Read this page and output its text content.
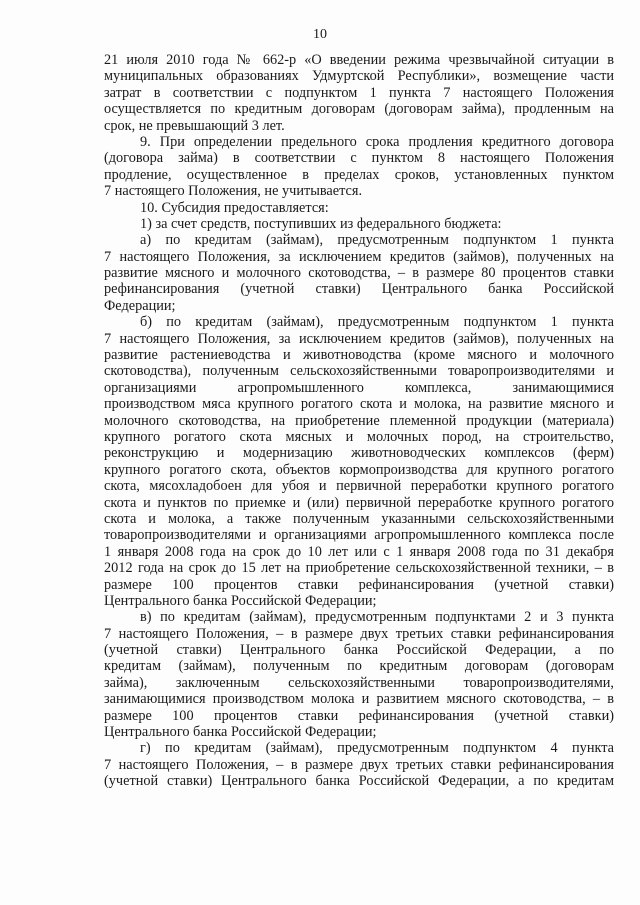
10
21 июля 2010 года № 662-р «О введении режима чрезвычайной ситуации в
муниципальных образованиях Удмуртской Республики», возмещение части
затрат в соответствии с подпунктом 1 пункта 7 настоящего Положения
осуществляется по кредитным договорам (договорам займа), продленным на
срок, не превышающий 3 лет.
9. При определении предельного срока продления кредитного договора
(договора займа) в соответствии с пунктом 8 настоящего Положения
продление, осуществленное в пределах сроков, установленных пунктом
7 настоящего Положения, не учитывается.
10. Субсидия предоставляется:
1) за счет средств, поступивших из федерального бюджета:
а) по кредитам (займам), предусмотренным подпунктом 1 пункта
7 настоящего Положения, за исключением кредитов (займов), полученных на
развитие мясного и молочного скотоводства, – в размере 80 процентов ставки
рефинансирования (учетной ставки) Центрального банка Российской
Федерации;
б) по кредитам (займам), предусмотренным подпунктом 1 пункта
7 настоящего Положения, за исключением кредитов (займов), полученных на
развитие растениеводства и животноводства (кроме мясного и молочного
скотоводства), полученным сельскохозяйственными товаропроизводителями и
организациями агропромышленного комплекса, занимающимися
производством мяса крупного рогатого скота и молока, на развитие мясного и
молочного скотоводства, на приобретение племенной продукции (материала)
крупного рогатого скота мясных и молочных пород, на строительство,
реконструкцию и модернизацию животноводческих комплексов (ферм)
крупного рогатого скота, объектов кормопроизводства для крупного рогатого
скота, мясохладобоен для убоя и первичной переработки крупного рогатого
скота и пунктов по приемке и (или) первичной переработке крупного рогатого
скота и молока, а также полученным указанными сельскохозяйственными
товаропроизводителями и организациями агропромышленного комплекса после
1 января 2008 года на срок до 10 лет или с 1 января 2008 года по 31 декабря
2012 года на срок до 15 лет на приобретение сельскохозяйственной техники, – в
размере 100 процентов ставки рефинансирования (учетной ставки)
Центрального банка Российской Федерации;
в) по кредитам (займам), предусмотренным подпунктами 2 и 3 пункта
7 настоящего Положения, – в размере двух третьих ставки рефинансирования
(учетной ставки) Центрального банка Российской Федерации, а по
кредитам (займам), полученным по кредитным договорам (договорам
займа), заключенным сельскохозяйственными товаропроизводителями,
занимающимися производством молока и развитием мясного скотоводства, – в
размере 100 процентов ставки рефинансирования (учетной ставки)
Центрального банка Российской Федерации;
г) по кредитам (займам), предусмотренным подпунктом 4 пункта
7 настоящего Положения, – в размере двух третьих ставки рефинансирования
(учетной ставки) Центрального банка Российской Федерации, а по кредитам
